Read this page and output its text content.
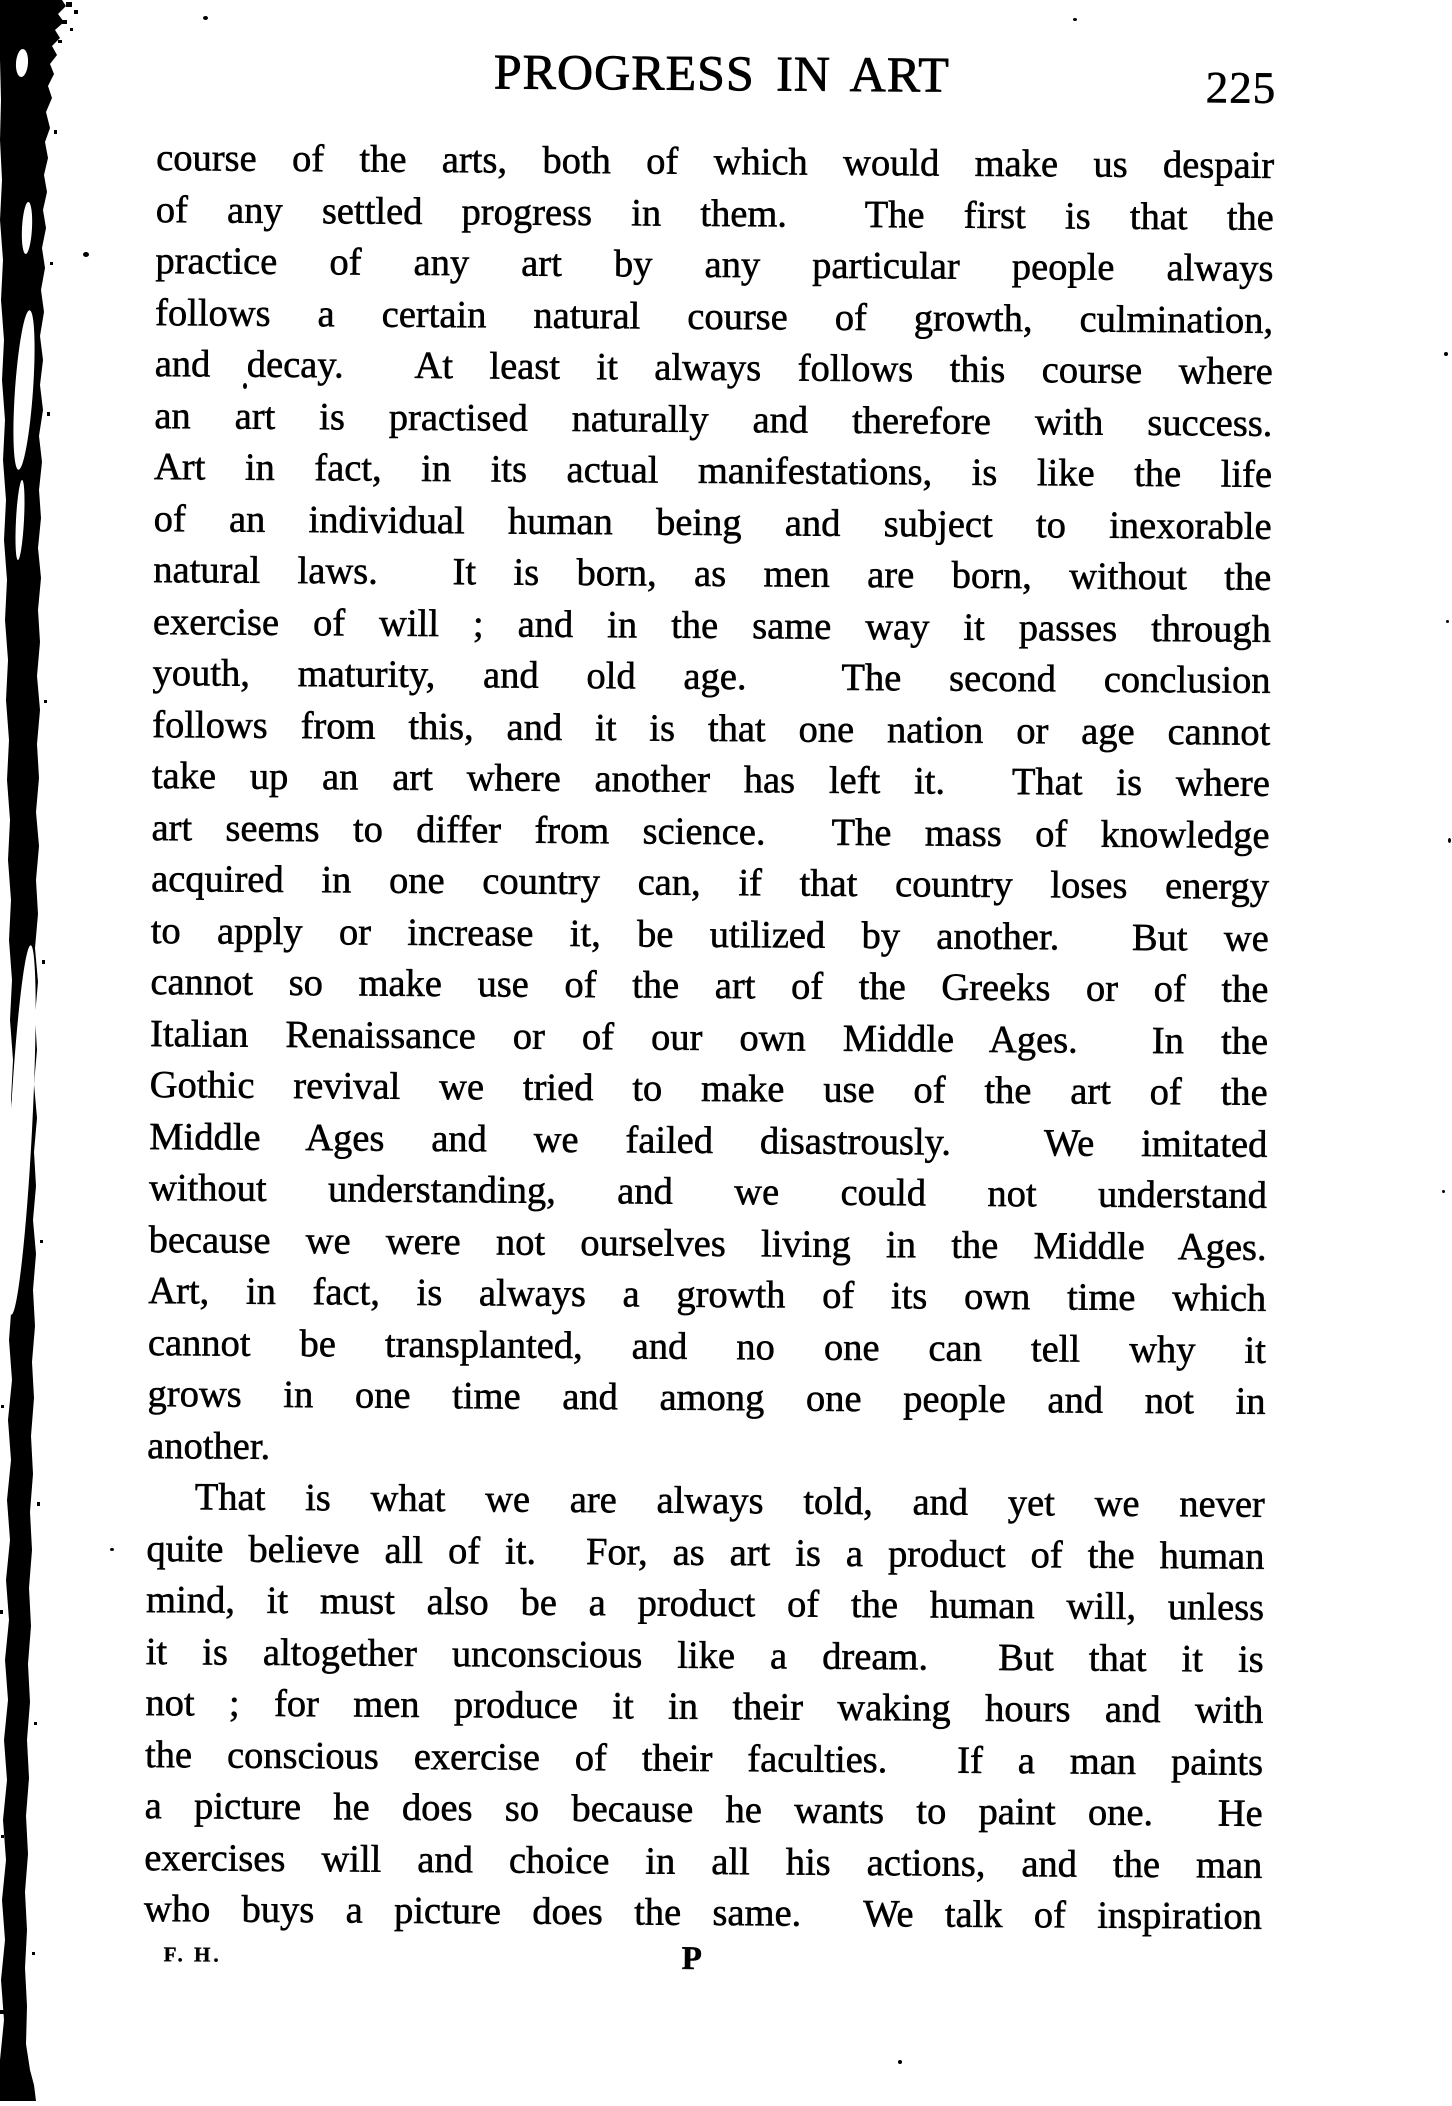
PROGRESS IN ART	225
course of the arts, both of which would make us despair
of any settled progress in them.  The first is that the
practice of any art by any particular people always
follows a certain natural course of growth, culmination,
and decay.  At least it always follows this course where
an art is practised naturally and therefore with success.
Art in fact, in its actual manifestations, is like the life
of an individual human being and subject to inexorable
natural laws.  It is born, as men are born, without the
exercise of will ; and in the same way it passes through
youth, maturity, and old age.  The second conclusion
follows from this, and it is that one nation or age cannot
take up an art where another has left it.  That is where
art seems to differ from science.  The mass of knowledge
acquired in one country can, if that country loses energy
to apply or increase it, be utilized by another.  But we
cannot so make use of the art of the Greeks or of the
Italian Renaissance or of our own Middle Ages.  In the
Gothic revival we tried to make use of the art of the
Middle Ages and we failed disastrously.  We imitated
without understanding, and we could not understand
because we were not ourselves living in the Middle Ages.
Art, in fact, is always a growth of its own time which
cannot be transplanted, and no one can tell why it
grows in one time and among one people and not in
another.
That is what we are always told, and yet we never
quite believe all of it.  For, as art is a product of the human
mind, it must also be a product of the human will, unless
it is altogether unconscious like a dream.  But that it is
not ; for men produce it in their waking hours and with
the conscious exercise of their faculties.  If a man paints
a picture he does so because he wants to paint one.  He
exercises will and choice in all his actions, and the man
who buys a picture does the same.  We talk of inspiration
F. H.	P
